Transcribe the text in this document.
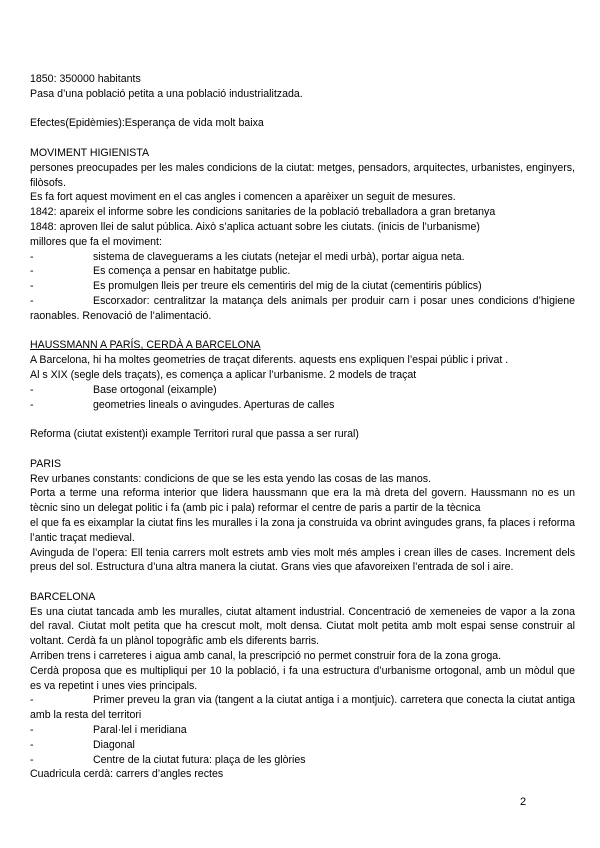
1850: 350000 habitants
Pasa d’una població petita a una població industrialitzada.
Efectes(Epidèmies):Esperança de vida molt baixa
MOVIMENT HIGIENISTA
persones preocupades per les males condicions de la ciutat: metges, pensadors, arquitectes, urbanistes, enginyers, filòsofs.
Es fa fort aquest moviment en el cas angles i comencen a aparèixer un seguit de mesures.
1842: apareix el informe sobre les condicions sanitaries de la població treballadora a gran bretanya
1848: aproven llei de salut pública. Això s’aplica actuant sobre les ciutats. (inicis de l’urbanisme)
millores que fa el moviment:
-	sistema de claveguerams a les ciutats (netejar el medi urbà), portar aigua neta.
-	Es comença a pensar en habitatge public.
-	Es promulgen lleis per treure els cementiris del mig de la ciutat (cementiris públics)
-	Escorxador: centralitzar la matança dels animals per produir carn i posar unes condicions d’higiene raonables. Renovació de l’alimentació.
HAUSSMANN A PARÍS, CERDÀ A BARCELONA
A Barcelona, hi ha moltes geometries de traçat diferents. aquests ens expliquen l’espai públic i privat .
Al s XIX (segle dels traçats), es comença a aplicar l’urbanisme. 2 models de traçat
-	Base ortogonal (eixample)
-	geometries lineals o avingudes. Aperturas de calles
Reforma (ciutat existent)i example Territori rural que passa a ser rural)
PARIS
Rev urbanes constants: condicions de que se les esta yendo las cosas de las manos.
Porta a terme una reforma interior que lidera haussmann que era la mà dreta del govern. Haussmann no es un tècnic sino un delegat politic i fa (amb pic i pala) reformar el centre de paris a partir de la tècnica
el que fa es eixamplar la ciutat fins les muralles i la zona ja construida va obrint avingudes grans, fa places i reforma l’antic traçat medieval.
Avinguda de l’opera: Ell tenia carrers molt estrets amb vies molt més amples i crean illes de cases. Increment dels preus del sol. Estructura d’una altra manera la ciutat. Grans vies que afavoreixen l’entrada de sol i aire.
BARCELONA
Es una ciutat tancada amb les muralles, ciutat altament industrial. Concentració de xemeneies de vapor a la zona del raval. Ciutat molt petita que ha crescut molt, molt densa. Ciutat molt petita amb molt espai sense construir al voltant. Cerdà fa un plànol topogràfic amb els diferents barris.
Arriben trens i carreteres i aigua amb canal, la prescripció no permet construir fora de la zona groga.
Cerdà proposa que es multipliqui per 10 la població, i fa una estructura d’urbanisme ortogonal, amb un mòdul que es va repetint i unes vies principals.
-	Primer preveu la gran via (tangent a la ciutat antiga i a montjuic). carretera que conecta la ciutat antiga amb la resta del territori
-	Paral·lel i meridiana
-	Diagonal
-	Centre de la ciutat futura: plaça de les glòries
Cuadricula cerdà: carrers d’angles rectes
2
